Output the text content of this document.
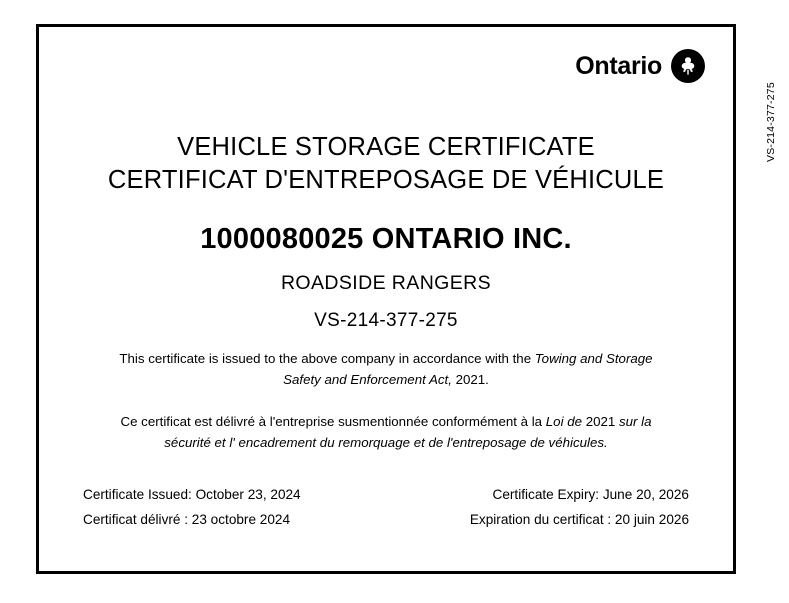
VS-214-377-275
Ontario
VEHICLE STORAGE CERTIFICATE
CERTIFICAT D'ENTREPOSAGE DE VÉHICULE
1000080025 ONTARIO INC.
ROADSIDE RANGERS
VS-214-377-275
This certificate is issued to the above company in accordance with the Towing and Storage Safety and Enforcement Act, 2021.
Ce certificat est délivré à l'entreprise susmentionnée conformément à la Loi de 2021 sur la sécurité et l' encadrement du remorquage et de l'entreposage de véhicules.
Certificate Issued: October 23, 2024
Certificat délivré : 23 octobre 2024
Certificate Expiry: June 20, 2026
Expiration du certificat : 20 juin 2026
